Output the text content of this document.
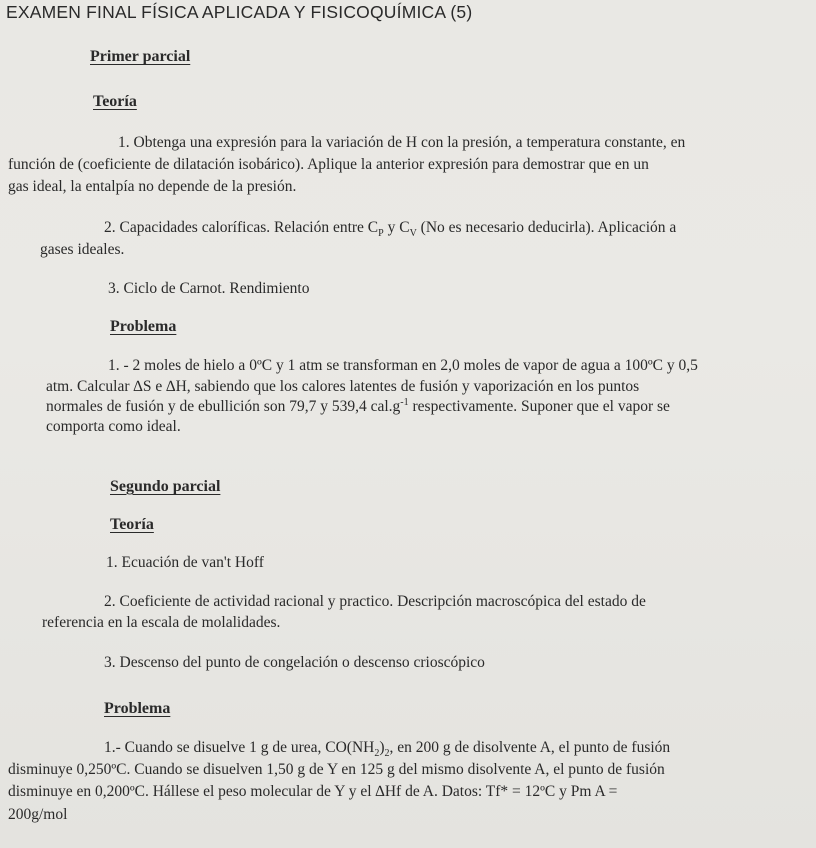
EXAMEN FINAL FÍSICA APLICADA Y FISICOQUÍMICA (5)
Primer parcial
Teoría
1. Obtenga una expresión para la variación de H con la presión, a temperatura constante, en
función de (coeficiente de dilatación isobárico). Aplique la anterior expresión para demostrar que en un
gas ideal, la entalpía no depende de la presión.
2. Capacidades caloríficas. Relación entre $C_P$ y $C_V$ (No es necesario deducirla). Aplicación a
gases ideales.
3. Ciclo de Carnot. Rendimiento
Problema
1. - 2 moles de hielo a 0ºC y 1 atm se transforman en 2,0 moles de vapor de agua a 100ºC y 0,5
atm. Calcular ∆S e ∆H, sabiendo que los calores latentes de fusión y vaporización en los puntos
normales de fusión y de ebullición son 79,7 y 539,4 $cal.g^{-1}$ respectivamente. Suponer que el vapor se
comporta como ideal.
Segundo parcial
Teoría
1. Ecuación de van't Hoff
2. Coeficiente de actividad racional y practico. Descripción macroscópica del estado de
referencia en la escala de molalidades.
3. Descenso del punto de congelación o descenso crioscópico
Problema
1.- Cuando se disuelve 1 g de urea, $CO(NH_2)_2$, en 200 g de disolvente A, el punto de fusión
disminuye 0,250ºC. Cuando se disuelven 1,50 g de Y en 125 g del mismo disolvente A, el punto de fusión
disminuye en 0,200ºC. Hállese el peso molecular de Y y el ∆Hf de A. Datos: Tf* = 12ºC y Pm A =
200g/mol
